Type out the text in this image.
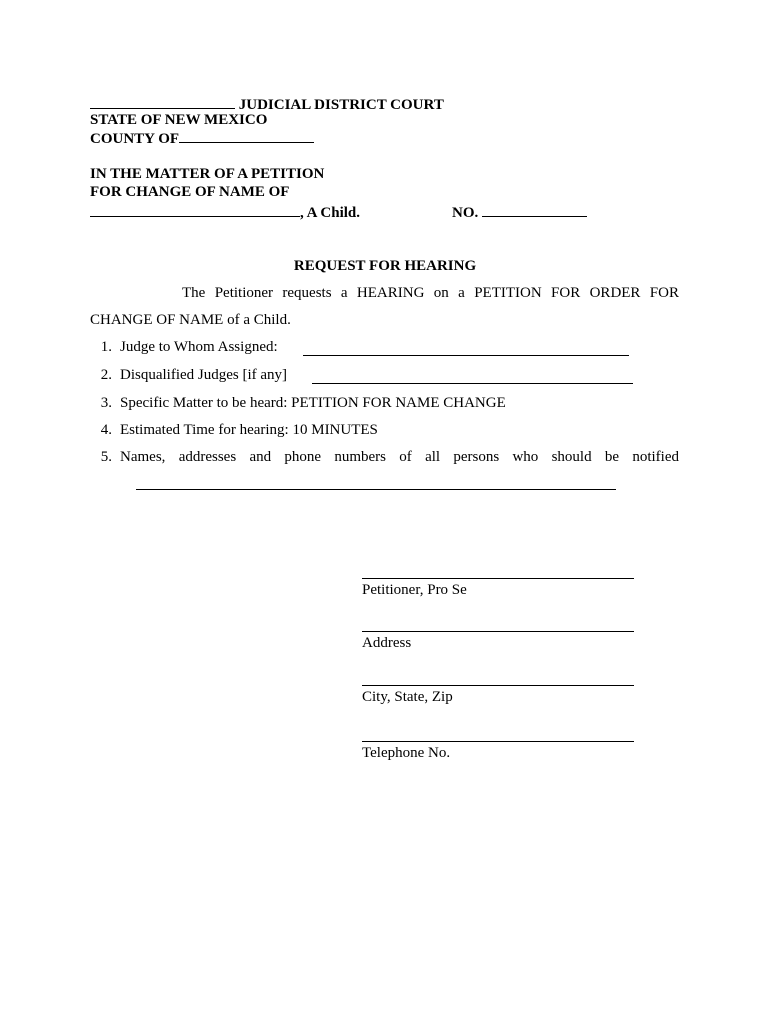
JUDICIAL DISTRICT COURT
STATE OF NEW MEXICO
COUNTY OF
IN THE MATTER OF A PETITION
FOR CHANGE OF NAME OF
, A Child.	NO.
REQUEST FOR HEARING
The Petitioner requests a HEARING on a PETITION FOR ORDER FOR
CHANGE OF NAME of a Child.
1. Judge to Whom Assigned:
2. Disqualified Judges [if any]
3. Specific Matter to be heard: PETITION FOR NAME CHANGE
4. Estimated Time for hearing: 10 MINUTES
5. Names, addresses and phone numbers of all persons who should be notified
Petitioner, Pro Se
Address
City, State, Zip
Telephone No.
